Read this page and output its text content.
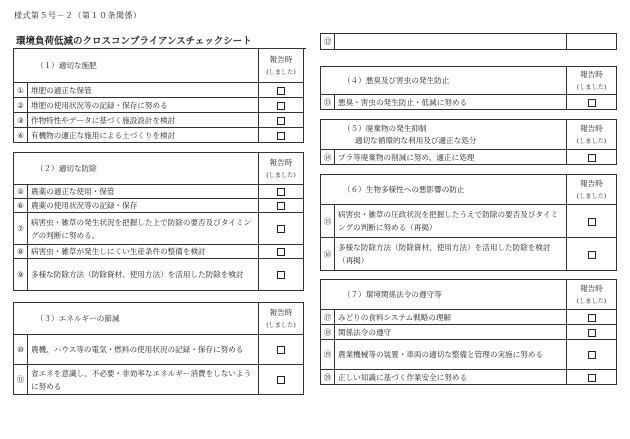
様式第５号－２（第１０条関係）
環境負荷低減のクロスコンプライアンスチェックシート
（１）適切な施肥		報告時
(しました)

①	堆肥の適正な保管	
②	堆肥の使用状況等の記録・保存に努める	
③	作物特性やデータに基づく施設設計を検討	
④	有機物の適正な施用による土づくりを検討	
（２）適切な防除		報告時
(しました)

⑤	農薬の適正な使用・保管	
⑥	農薬の使用状況等の記録・保存	
⑦	病害虫・雑草の発生状況を把握した上で防除の要否及びタイミングの判断に努める。	
⑧	病害虫・雑草が発生しにくい生産条件の整備を検討	
⑨	多様な防除方法（防除資材、使用方法）を活用した防除を検討	
（３）エネルギーの節減		報告時
(しました)

⑩	農機、ハウス等の電気・燃料の使用状況の記録・保存に努める	
⑪	省エネを意識し、不必要・非効率なエネルギー消費をしないように努める	
⑫		
（４）悪臭及び害虫の発生防止		報告時
(しました)

⑬	悪臭・害虫の発生防止・低減に努める	
（５）廃棄物の発生抑制
適切な循環的な利用及び適正な処分		報告時
(しました)

⑭	プラ等廃棄物の削減に努め、適正に処理	
（６）生物多様性への悪影響の防止		報告時
(しました)

⑮	病害虫・雑草の圧政状況を把握したうえで防除の要否及びタイミングの判断に努める（再掲）	
⑯	多様な防除方法（防除資材、使用方法）を活用した防除を検討（再掲）	
（７）環境関係法令の遵守等		報告時
(しました)

⑰	みどりの食料システム戦略の理解	
⑱	関係法令の遵守	
⑲	農業機械等の装置・車両の適切な整備と管理の実施に努める	
⑳	正しい知識に基づく作業安全に努める	
